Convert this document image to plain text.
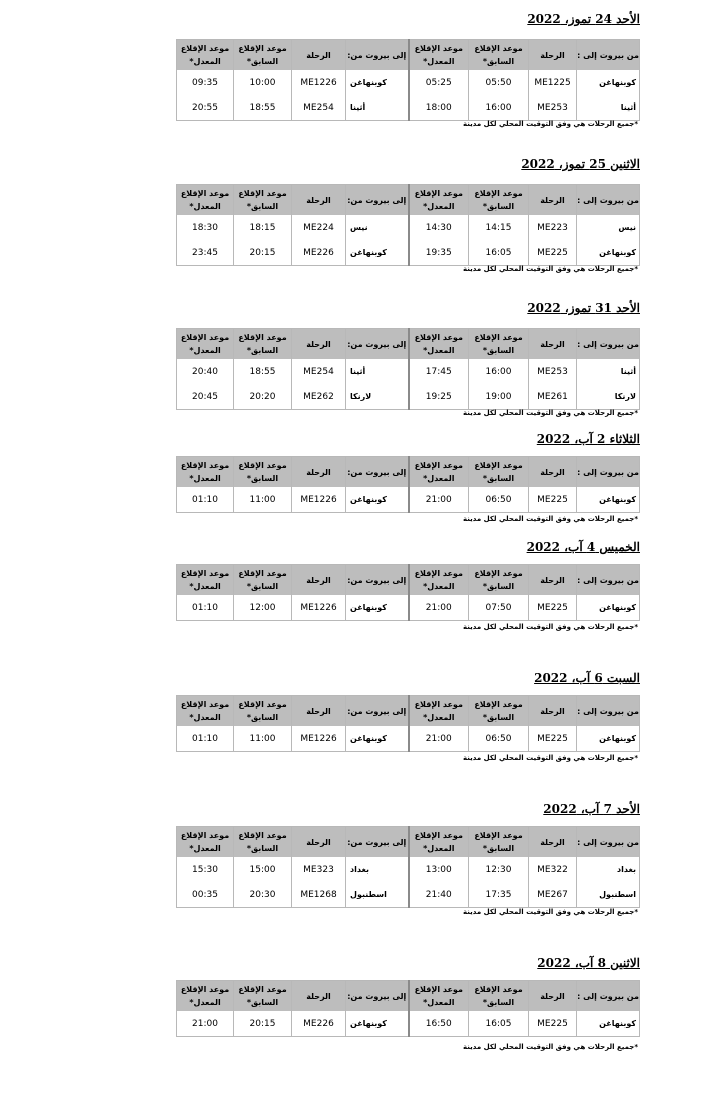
الأحد 24 تموز، 2022
من بيروت إلى :	الرحلة	موعد الإقلاع السابق*	موعد الإقلاع المعدل*	إلى بيروت من:	الرحلة	موعد الإقلاع السابق*	موعد الإقلاع المعدل*
كوبنهاغن	ME1225	05:50	05:25	كوبنهاغن	ME1226	10:00	09:35
أثينا	ME253	16:00	18:00	أثينا	ME254	18:55	20:55
*جميع الرحلات هي وفق التوقيت المحلي لكل مدينة
الاثنين 25 تموز، 2022
من بيروت إلى :	الرحلة	موعد الإقلاع السابق*	موعد الإقلاع المعدل*	إلى بيروت من:	الرحلة	موعد الإقلاع السابق*	موعد الإقلاع المعدل*
نيس	ME223	14:15	14:30	نيس	ME224	18:15	18:30
كوبنهاغن	ME225	16:05	19:35	كوبنهاغن	ME226	20:15	23:45
*جميع الرحلات هي وفق التوقيت المحلي لكل مدينة
الأحد 31 تموز، 2022
من بيروت إلى :	الرحلة	موعد الإقلاع السابق*	موعد الإقلاع المعدل*	إلى بيروت من:	الرحلة	موعد الإقلاع السابق*	موعد الإقلاع المعدل*
أثينا	ME253	16:00	17:45	أثينا	ME254	18:55	20:40
لارنكا	ME261	19:00	19:25	لارنكا	ME262	20:20	20:45
*جميع الرحلات هي وفق التوقيت المحلي لكل مدينة
الثلاثاء 2 آب، 2022
من بيروت إلى :	الرحلة	موعد الإقلاع السابق*	موعد الإقلاع المعدل*	إلى بيروت من:	الرحلة	موعد الإقلاع السابق*	موعد الإقلاع المعدل*
كوبنهاغن	ME225	06:50	21:00	كوبنهاغن	ME1226	11:00	01:10
*جميع الرحلات هي وفق التوقيت المحلي لكل مدينة
الخميس 4 آب، 2022
من بيروت إلى :	الرحلة	موعد الإقلاع السابق*	موعد الإقلاع المعدل*	إلى بيروت من:	الرحلة	موعد الإقلاع السابق*	موعد الإقلاع المعدل*
كوبنهاغن	ME225	07:50	21:00	كوبنهاغن	ME1226	12:00	01:10
*جميع الرحلات هي وفق التوقيت المحلي لكل مدينة
السبت 6 آب، 2022
من بيروت إلى :	الرحلة	موعد الإقلاع السابق*	موعد الإقلاع المعدل*	إلى بيروت من:	الرحلة	موعد الإقلاع السابق*	موعد الإقلاع المعدل*
كوبنهاغن	ME225	06:50	21:00	كوبنهاغن	ME1226	11:00	01:10
*جميع الرحلات هي وفق التوقيت المحلي لكل مدينة
الأحد 7 آب، 2022
من بيروت إلى :	الرحلة	موعد الإقلاع السابق*	موعد الإقلاع المعدل*	إلى بيروت من:	الرحلة	موعد الإقلاع السابق*	موعد الإقلاع المعدل*
بغداد	ME322	12:30	13:00	بغداد	ME323	15:00	15:30
اسطنبول	ME267	17:35	21:40	اسطنبول	ME1268	20:30	00:35
*جميع الرحلات هي وفق التوقيت المحلي لكل مدينة
الاثنين 8 آب، 2022
من بيروت إلى :	الرحلة	موعد الإقلاع السابق*	موعد الإقلاع المعدل*	إلى بيروت من:	الرحلة	موعد الإقلاع السابق*	موعد الإقلاع المعدل*
كوبنهاغن	ME225	16:05	16:50	كوبنهاغن	ME226	20:15	21:00
*جميع الرحلات هي وفق التوقيت المحلي لكل مدينة
